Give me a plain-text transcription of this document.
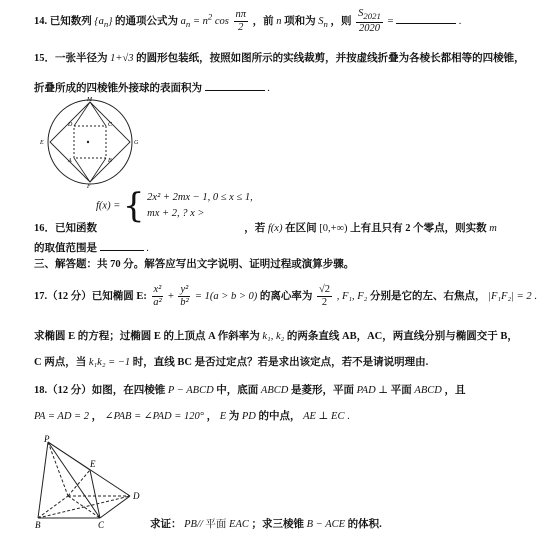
14. 已知数列 $\{a_n\}$ 的通项公式为 $a_n = n^2$ $\cos \frac{n\pi}{2}$ ，前 n 项和为 $S_n$ ，则 $\frac{S_{2021}}{2020}$ =	.
15．一张半径为 1+√3 的圆形包装纸，按照如图所示的实线裁剪，并按虚线折叠为各棱长都相等的四棱锥，
折叠所成的四棱锥外接球的表面积为	.
M
D	C
E	G
A	B
F
f(x) = { 2x² + 2mx − 1, 0 ≤ x ≤ 1,
mx + 2, ? x >
16．已知函数	，若 f(x) 在区间 [0,+∞) 上有且只有 2 个零点，则实数 m
的取值范围是	.
三、解答题：共 70 分。解答应写出文字说明、证明过程或演算步骤。
17.（12 分）已知椭圆 E: $\frac{\text{x²}}{\text{a²}} + \frac{\text{y²}}{\text{b²}} = 1(a > b > 0)$ 的离心率为 $\frac{√2}{2}$ , F₁, F₂ 分别是它的左、右焦点， |F₁F₂| = 2 .
求椭圆 E 的方程；过椭圆 E 的上顶点 A 作斜率为 k₁, k₂ 的两条直线 AB，AC，两直线分别与椭圆交于 B，
C 两点，当 k₁k₂ = −1 时，直线 BC 是否过定点？若是求出该定点，若不是请说明理由.
18.（12 分）如图，在四棱锥 P − ABCD 中，底面 ABCD 是菱形，平面 PAD ⊥ 平面 ABCD ，且
PA = AD = 2 ， ∠PAB = ∠PAD = 120° ， E 为 PD 的中点， AE ⊥ EC .
P
E
D
B	C	求证： PB// 平面 EAC ；求三棱锥 B − ACE 的体积.
